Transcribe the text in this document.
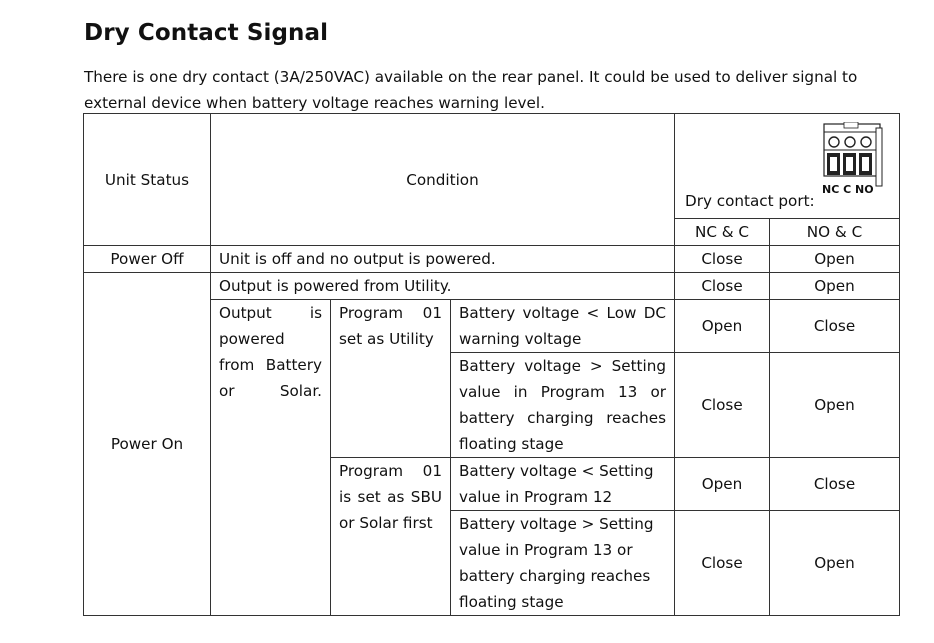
Dry Contact Signal
There is one dry contact (3A/250VAC) available on the rear panel. It could be used to deliver signal to external device when battery voltage reaches warning level.
Unit Status	Condition			Dry contact port:
NC C NO	

				NC & C	NO & C
Power Off	Unit is off and no output is powered.			Close	Open
Power On	Output is powered from Utility.			Close	Open
	Output is powered from Battery or Solar.	Program 01 set as Utility	Battery voltage < Low DC warning voltage	Open	Close
			Battery voltage > Setting value in Program 13 or battery charging reaches floating stage	Close	Open
		Program 01 is set as SBU or Solar first	Battery voltage < Setting value in Program 12	Open	Close
			Battery voltage > Setting value in Program 13 or battery charging reaches floating stage	Close	Open
